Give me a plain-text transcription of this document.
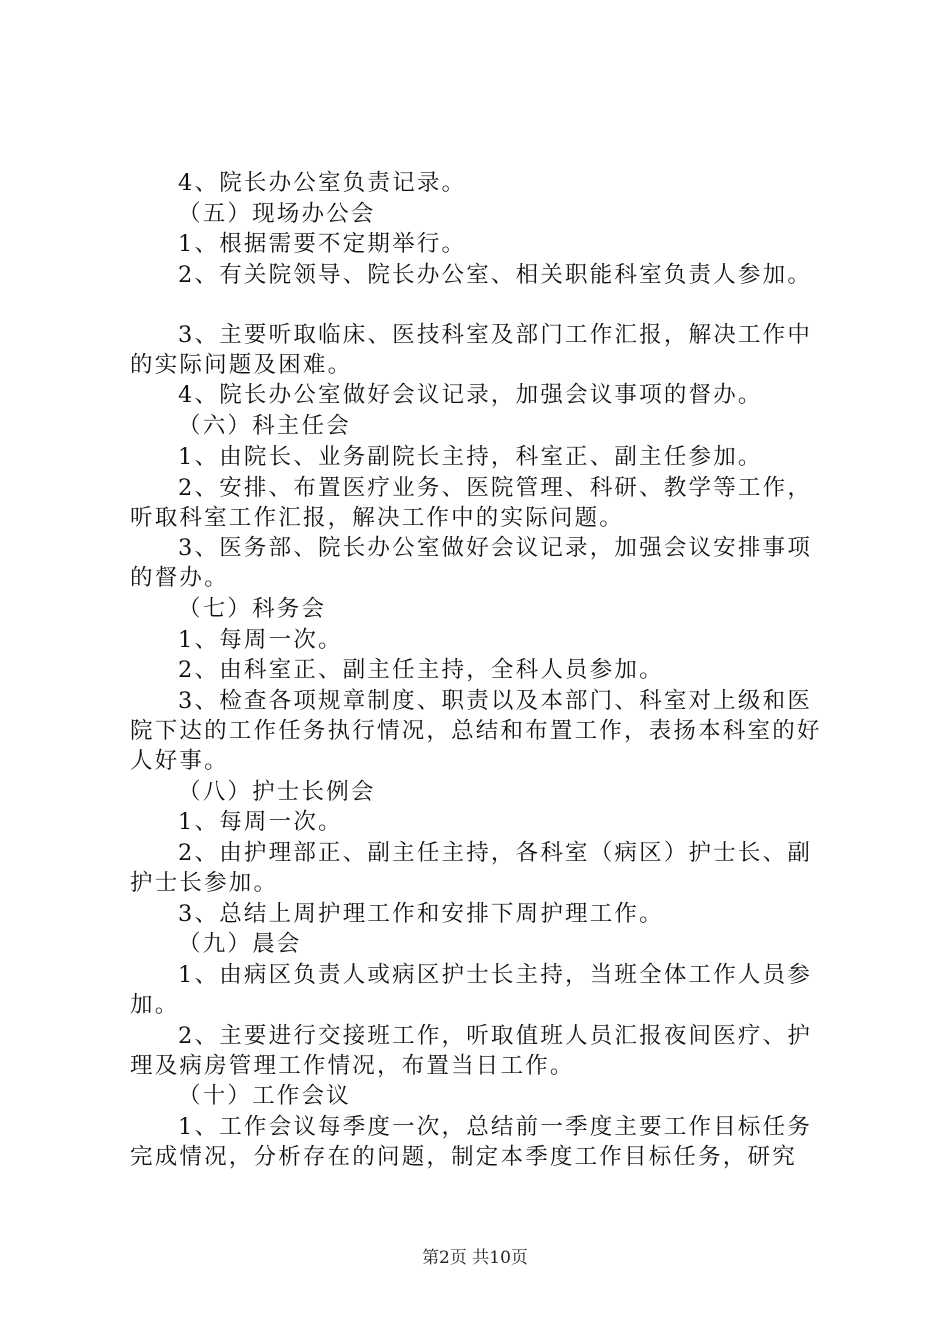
4、院长办公室负责记录。

（五）现场办公会

1、根据需要不定期举行。

2、有关院领导、院长办公室、相关职能科室负责人参加。

3、主要听取临床、医技科室及部门工作汇报，解决工作中的实际问题及困难。

4、院长办公室做好会议记录，加强会议事项的督办。

（六）科主任会

1、由院长、业务副院长主持，科室正、副主任参加。

2、安排、布置医疗业务、医院管理、科研、教学等工作，听取科室工作汇报，解决工作中的实际问题。

3、医务部、院长办公室做好会议记录，加强会议安排事项的督办。

（七）科务会

1、每周一次。

2、由科室正、副主任主持，全科人员参加。

3、检查各项规章制度、职责以及本部门、科室对上级和医院下达的工作任务执行情况，总结和布置工作，表扬本科室的好人好事。

（八）护士长例会

1、每周一次。

2、由护理部正、副主任主持，各科室（病区）护士长、副护士长参加。

3、总结上周护理工作和安排下周护理工作。

（九）晨会

1、由病区负责人或病区护士长主持，当班全体工作人员参加。

2、主要进行交接班工作，听取值班人员汇报夜间医疗、护理及病房管理工作情况，布置当日工作。

（十）工作会议

1、工作会议每季度一次，总结前一季度主要工作目标任务完成情况，分析存在的问题，制定本季度工作目标任务，研究

第2页 共10页
